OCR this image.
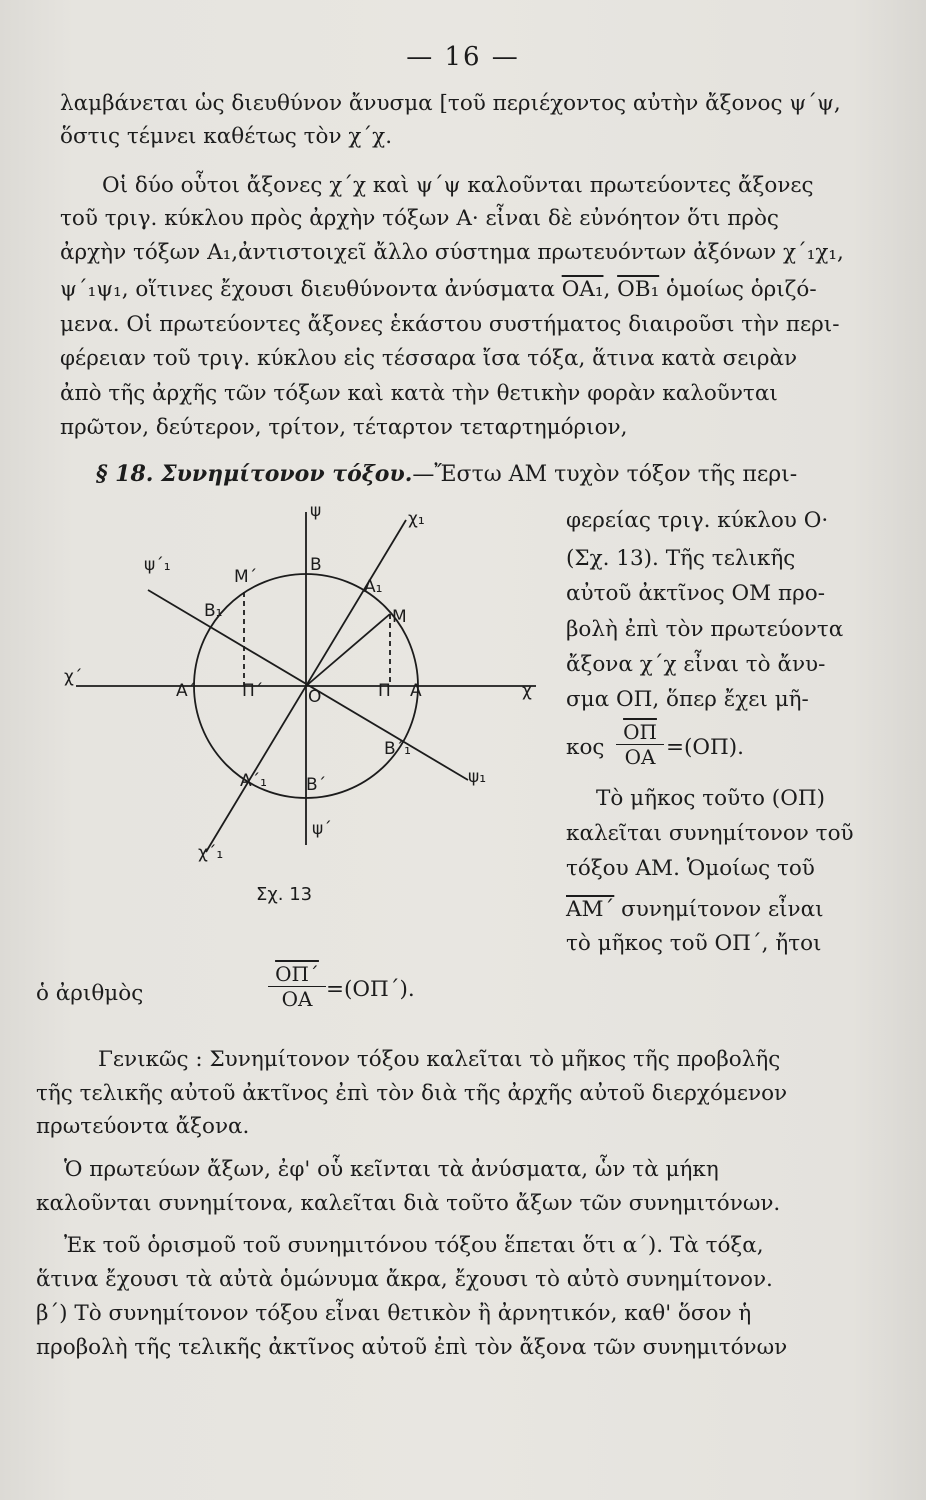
— 16 —
λαμβάνεται ὡς διευθύνον ἄνυσμα [τοῦ περιέχοντος αὐτὴν ἄξονος ψ΄ψ,
ὅστις τέμνει καθέτως τὸν χ΄χ.
Οἱ δύο οὗτοι ἄξονες χ΄χ καὶ ψ΄ψ καλοῦνται πρωτεύοντες ἄξονες
τοῦ τριγ. κύκλου πρὸς ἀρχὴν τόξων Α· εἶναι δὲ εὐνόητον ὅτι πρὸς
ἀρχὴν τόξων Α₁,ἀντιστοιχεῖ ἄλλο σύστημα πρωτευόντων ἀξόνων χ΄₁χ₁,
ψ΄₁ψ₁, οἵτινες ἔχουσι διευθύνοντα ἀνύσματα ΟΑ₁, ΟΒ₁ ὁμοίως ὁριζό-
μενα. Οἱ πρωτεύοντες ἄξονες ἑκάστου συστήματος διαιροῦσι τὴν περι-
φέρειαν τοῦ τριγ. κύκλου εἰς τέσσαρα ἴσα τόξα, ἅτινα κατὰ σειρὰν
ἀπὸ τῆς ἀρχῆς τῶν τόξων καὶ κατὰ τὴν θετικὴν φορὰν καλοῦνται
πρῶτον, δεύτερον, τρίτον, τέταρτον τεταρτημόριον,
§ 18. Συνημίτονον τόξου.—Ἔστω ΑΜ τυχὸν τόξον τῆς περι-
φερείας τριγ. κύκλου Ο·
(Σχ. 13). Τῆς τελικῆς
αὐτοῦ ἀκτῖνος ΟΜ προ-
βολὴ ἐπὶ τὸν πρωτεύοντα
ἄξονα χ΄χ εἶναι τὸ ἄνυ-
σμα ΟΠ, ὅπερ ἔχει μῆ-
κος $\frac{\overline{O\Pi}}{OA} =(O\Pi)$.
Τὸ μῆκος τοῦτο (ΟΠ)
καλεῖται συνημίτονον τοῦ
τόξου ΑΜ. Ὁμοίως τοῦ
$\overline{AM΄}$ συνημίτονον εἶναι
τὸ μῆκος τοῦ ΟΠ΄, ἤτοι
ψ	χ₁
ψ΄₁
Μ΄
Β
Α₁
Β₁	Μ
χ΄
Α΄	Π΄	Ο	Π Α	χ
Β΄₁
ψ₁
Α΄₁ Β΄
ψ΄
χ΄₁
Σχ. 13
ὁ ἀριθμὸς	$\frac{\overline{O\Pi΄}}{OA} =(O\Pi΄)$.
Γενικῶς : Συνημίτονον τόξου καλεῖται τὸ μῆκος τῆς προβολῆς
τῆς τελικῆς αὐτοῦ ἀκτῖνος ἐπὶ τὸν διὰ τῆς ἀρχῆς αὐτοῦ διερχόμενον
πρωτεύοντα ἄξονα.
Ὁ πρωτεύων ἄξων, ἐφ' οὗ κεῖνται τὰ ἀνύσματα, ὧν τὰ μήκη
καλοῦνται συνημίτονα, καλεῖται διὰ τοῦτο ἄξων τῶν συνημιτόνων.
Ἐκ τοῦ ὁρισμοῦ τοῦ συνημιτόνου τόξου ἕπεται ὅτι α΄). Τὰ τόξα,
ἅτινα ἔχουσι τὰ αὐτὰ ὁμώνυμα ἄκρα, ἔχουσι τὸ αὐτὸ συνημίτονον.
β΄) Τὸ συνημίτονον τόξου εἶναι θετικὸν ἢ ἀρνητικόν, καθ' ὅσον ἡ
προβολὴ τῆς τελικῆς ἀκτῖνος αὐτοῦ ἐπὶ τὸν ἄξονα τῶν συνημιτόνων
